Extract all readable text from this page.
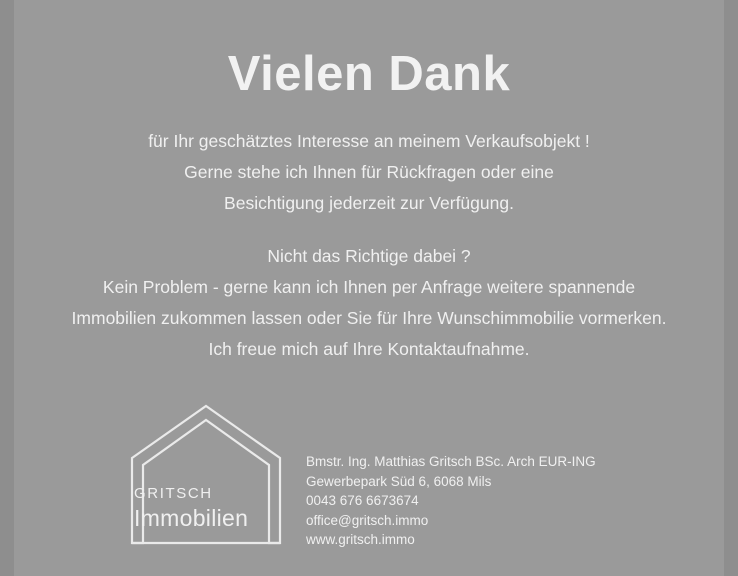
Vielen Dank
für Ihr geschätztes Interesse an meinem Verkaufsobjekt !
Gerne stehe ich Ihnen für Rückfragen oder eine
Besichtigung jederzeit zur Verfügung.
Nicht das Richtige dabei ?
Kein Problem - gerne kann ich Ihnen per Anfrage weitere spannende
Immobilien zukommen lassen oder Sie für Ihre Wunschimmobilie vormerken.
Ich freue mich auf Ihre Kontaktaufnahme.
GRITSCH
Immobilien
Bmstr. Ing. Matthias Gritsch BSc. Arch EUR-ING
Gewerbepark Süd 6, 6068 Mils
0043 676 6673674
office@gritsch.immo
www.gritsch.immo
